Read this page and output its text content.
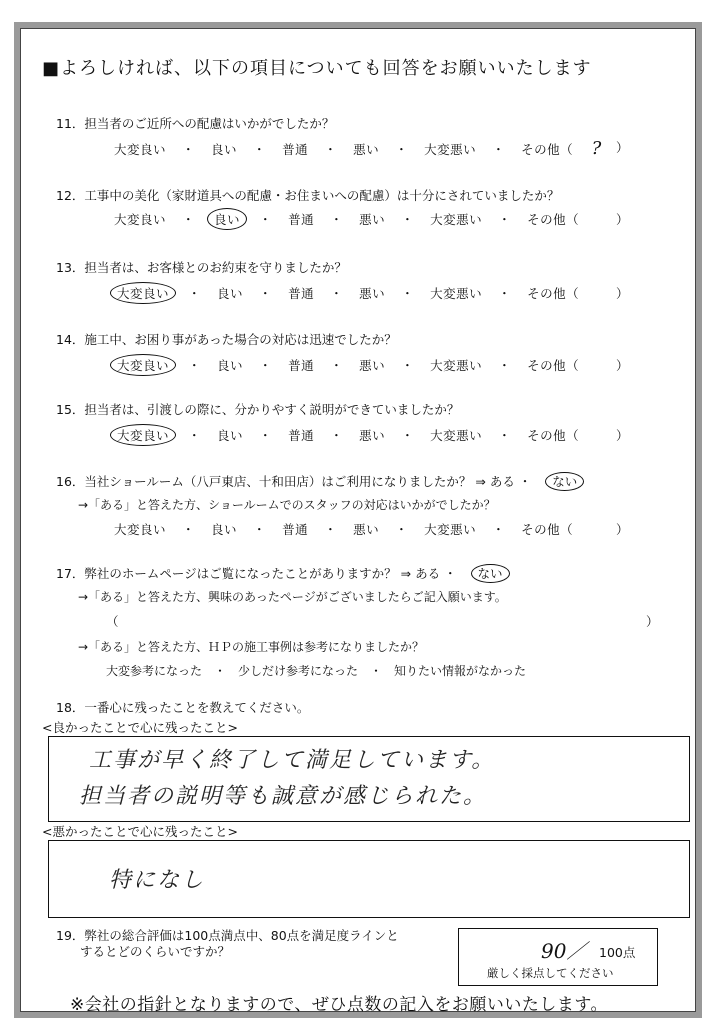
■よろしければ、以下の項目についても回答をお願いいたします
11．担当者のご近所への配慮はいかがでしたか？
大変良い ・ 良い ・ 普通 ・ 悪い ・ 大変悪い ・ その他（ ? ）
12．工事中の美化（家財道具への配慮・お住まいへの配慮）は十分にされていましたか？
大変良い ・ 良い ・ 普通 ・ 悪い ・ 大変悪い ・ その他（	）
13．担当者は、お客様とのお約束を守りましたか？
大変良い ・ 良い ・ 普通 ・ 悪い ・ 大変悪い ・ その他（	）
14．施工中、お困り事があった場合の対応は迅速でしたか？
大変良い ・ 良い ・ 普通 ・ 悪い ・ 大変悪い ・ その他（	）
15．担当者は、引渡しの際に、分かりやすく説明ができていましたか？
大変良い ・ 良い ・ 普通 ・ 悪い ・ 大変悪い ・ その他（	）
16．当社ショールーム（八戸東店、十和田店）はご利用になりましたか？ ⇒ ある ・ ない
→「ある」と答えた方、ショールームでのスタッフの対応はいかがでしたか？
大変良い ・ 良い ・ 普通 ・ 悪い ・ 大変悪い ・ その他（	）
17．弊社のホームページはご覧になったことがありますか？ ⇒ ある ・ ない
→「ある」と答えた方、興味のあったページがございましたらご記入願います。
（	）
→「ある」と答えた方、ＨＰの施工事例は参考になりましたか？
大変参考になった　・　少しだけ参考になった　・　知りたい情報がなかった
18．一番心に残ったことを教えてください。
<良かったことで心に残ったこと>
工事が早く終了して満足しています。
担当者の説明等も誠意が感じられた。
<悪かったことで心に残ったこと>
特になし
19．弊社の総合評価は100点満点中、80点を満足度ラインと
するとどのくらいですか？	90／ 100点
厳しく採点してください
※会社の指針となりますので、ぜひ点数の記入をお願いいたします。
